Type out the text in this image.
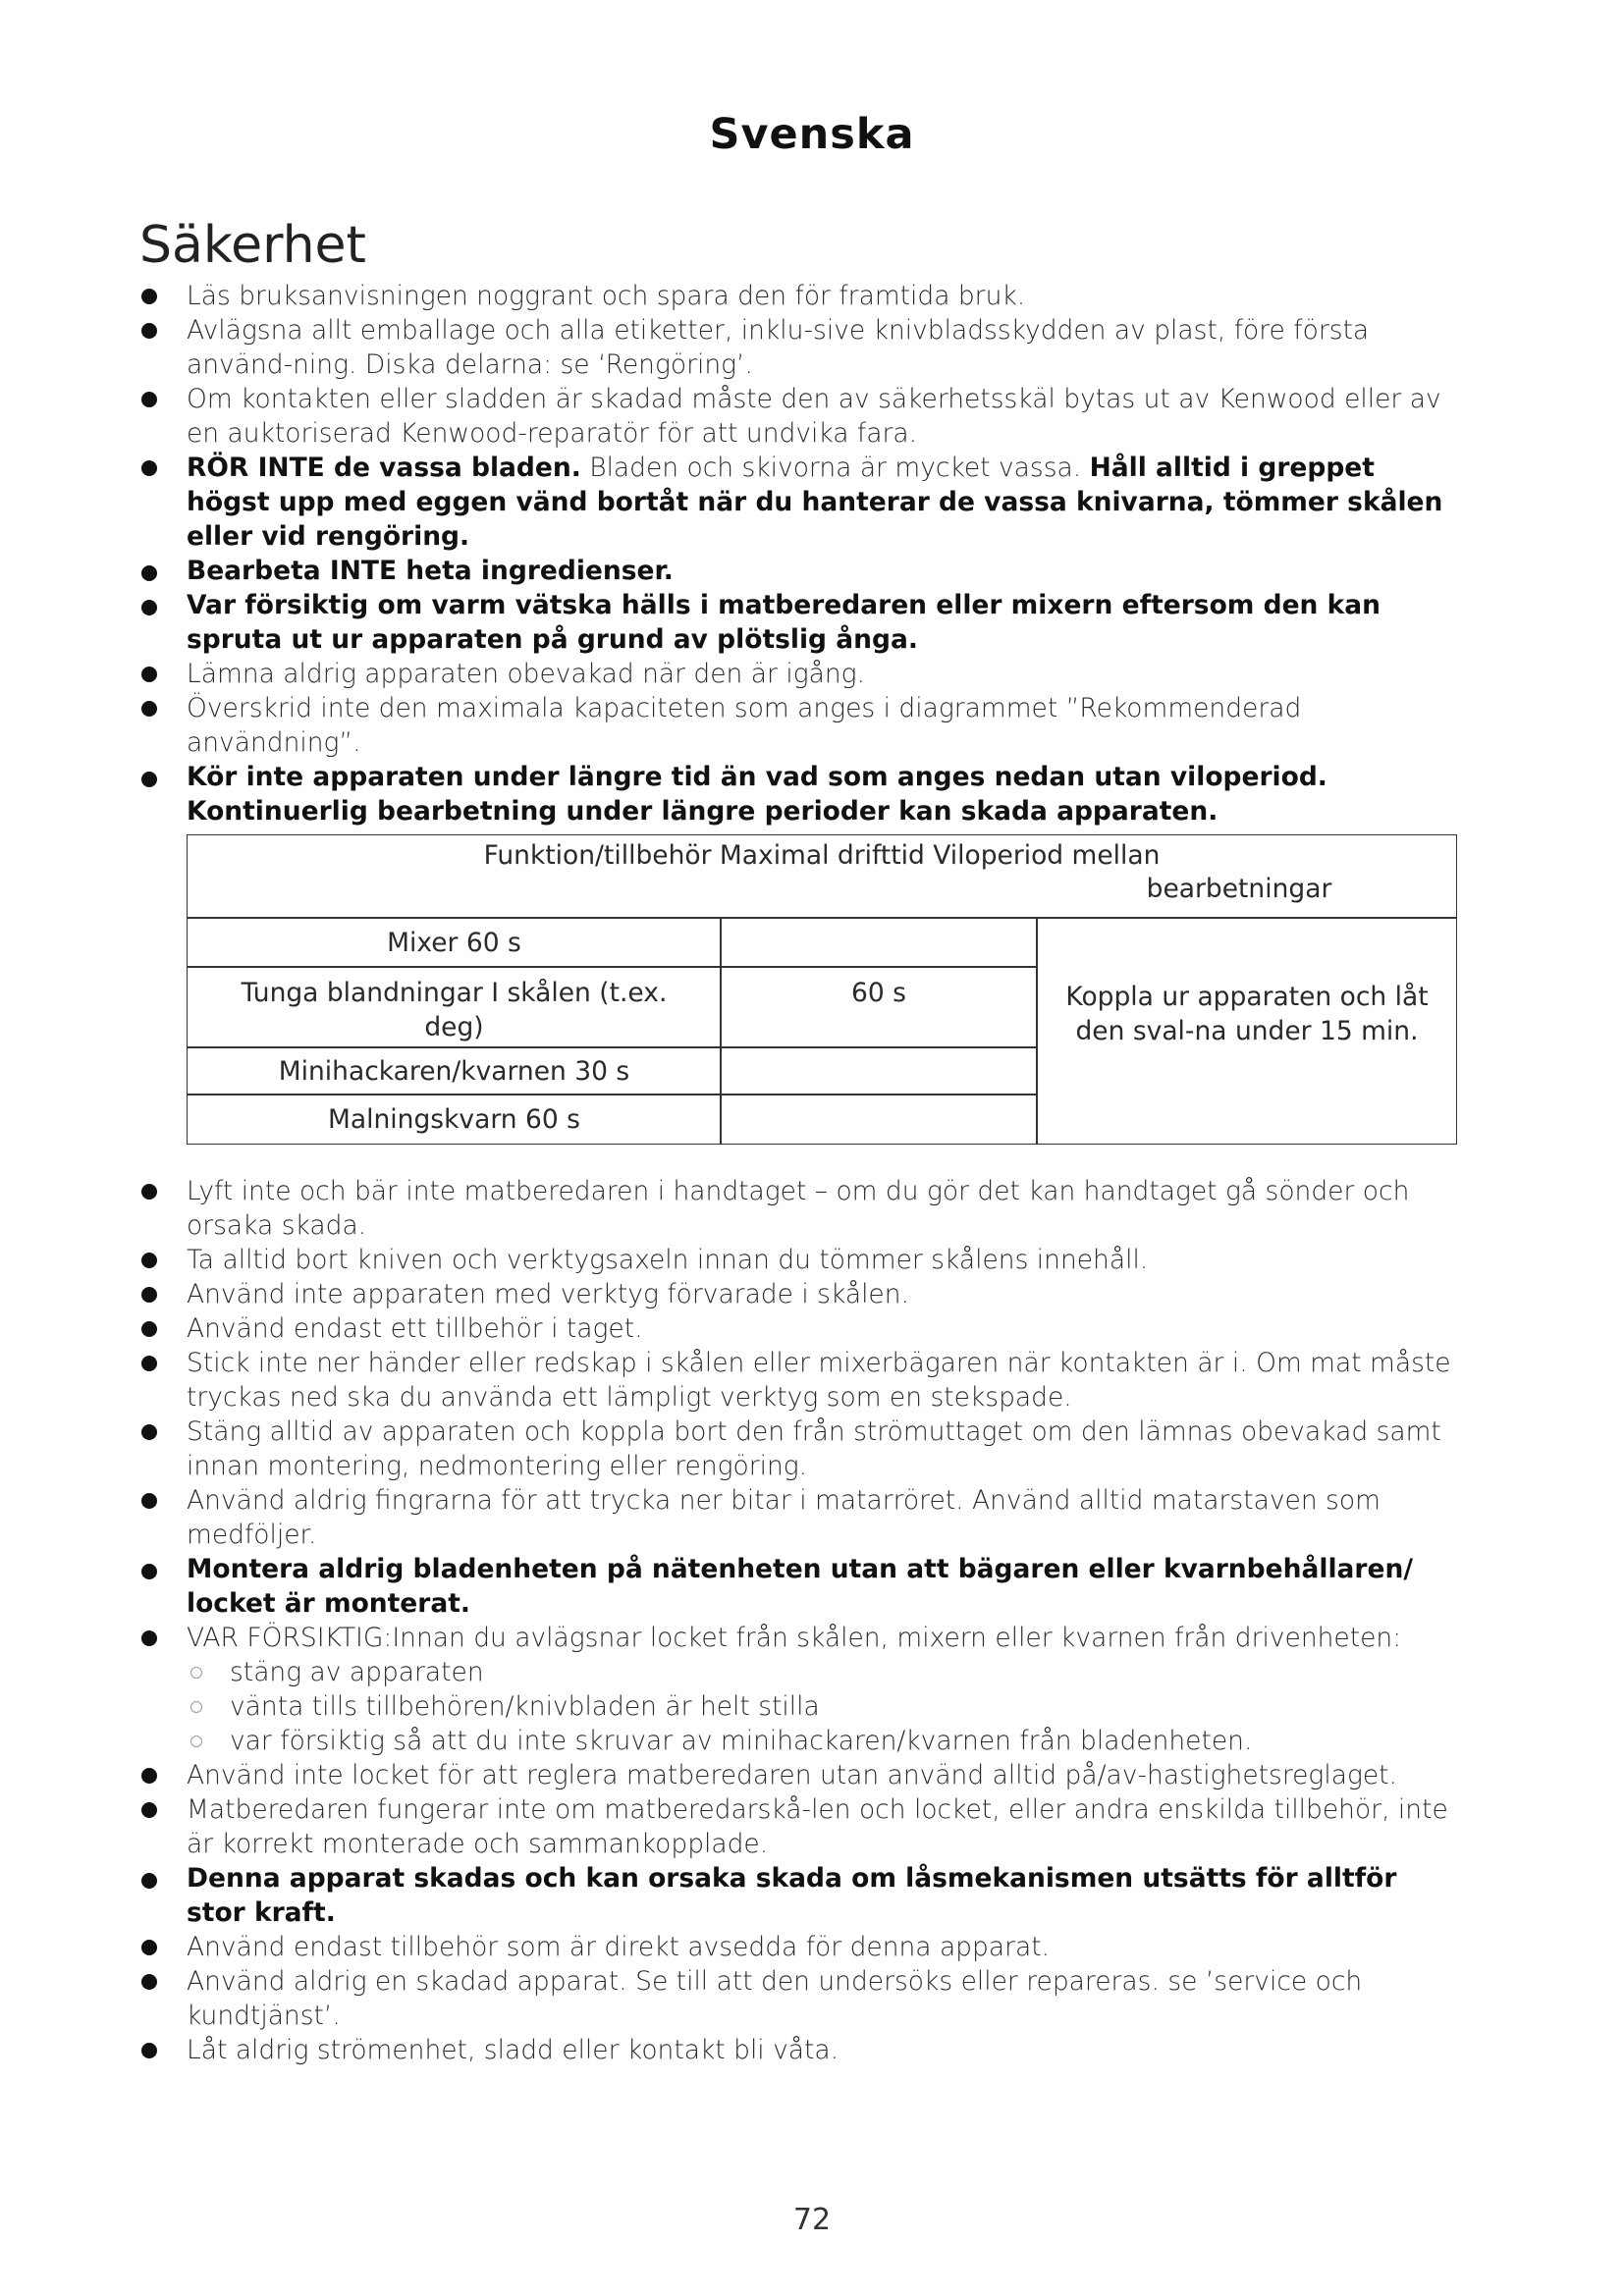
Svenska
Säkerhet
Läs bruksanvisningen noggrant och spara den för framtida bruk.
Avlägsna allt emballage och alla etiketter, inklu-sive knivbladsskydden av plast, före första använd-ning. Diska delarna: se ‘Rengöring’.
Om kontakten eller sladden är skadad måste den av säkerhetsskäl bytas ut av Kenwood eller av en auktoriserad Kenwood-reparatör för att undvika fara.
RÖR INTE de vassa bladen. Bladen och skivorna är mycket vassa. Håll alltid i greppet högst upp med eggen vänd bortåt när du hanterar de vassa knivarna, tömmer skålen eller vid rengöring.
Bearbeta INTE heta ingredienser.
Var försiktig om varm vätska hälls i matberedaren eller mixern eftersom den kan spruta ut ur apparaten på grund av plötslig ånga.
Lämna aldrig apparaten obevakad när den är igång.
Överskrid inte den maximala kapaciteten som anges i diagrammet ”Rekommenderad användning”.
Kör inte apparaten under längre tid än vad som anges nedan utan viloperiod. Kontinuerlig bearbetning under längre perioder kan skada apparaten.
Funktion/tillbehör Maximal drifttid Viloperiod mellan
bearbetningar
Mixer 60 s
Tunga blandningar I skålen (t.ex. deg)
60 s
Minihackaren/kvarnen 30 s
Malningskvarn 60 s
Koppla ur apparaten och låt den sval-na under 15 min.
Lyft inte och bär inte matberedaren i handtaget – om du gör det kan handtaget gå sönder och orsaka skada.
Ta alltid bort kniven och verktygsaxeln innan du tömmer skålens innehåll.
Använd inte apparaten med verktyg förvarade i skålen.
Använd endast ett tillbehör i taget.
Stick inte ner händer eller redskap i skålen eller mixerbägaren när kontakten är i. Om mat måste tryckas ned ska du använda ett lämpligt verktyg som en stekspade.
Stäng alltid av apparaten och koppla bort den från strömuttaget om den lämnas obevakad samt innan montering, nedmontering eller rengöring.
Använd aldrig fingrarna för att trycka ner bitar i matarröret. Använd alltid matarstaven som medföljer.
Montera aldrig bladenheten på nätenheten utan att bägaren eller kvarnbehållaren/ locket är monterat.
VAR FÖRSIKTIG:Innan du avlägsnar locket från skålen, mixern eller kvarnen från drivenheten:
stäng av apparaten
vänta tills tillbehören/knivbladen är helt stilla
var försiktig så att du inte skruvar av minihackaren/kvarnen från bladenheten.
Använd inte locket för att reglera matberedaren utan använd alltid på/av-hastighetsreglaget.
Matberedaren fungerar inte om matberedarskå-len och locket, eller andra enskilda tillbehör, inte är korrekt monterade och sammankopplade.
Denna apparat skadas och kan orsaka skada om låsmekanismen utsätts för alltför stor kraft.
Använd endast tillbehör som är direkt avsedda för denna apparat.
Använd aldrig en skadad apparat. Se till att den undersöks eller repareras. se ’service och kundtjänst’.
Låt aldrig strömenhet, sladd eller kontakt bli våta.
72
